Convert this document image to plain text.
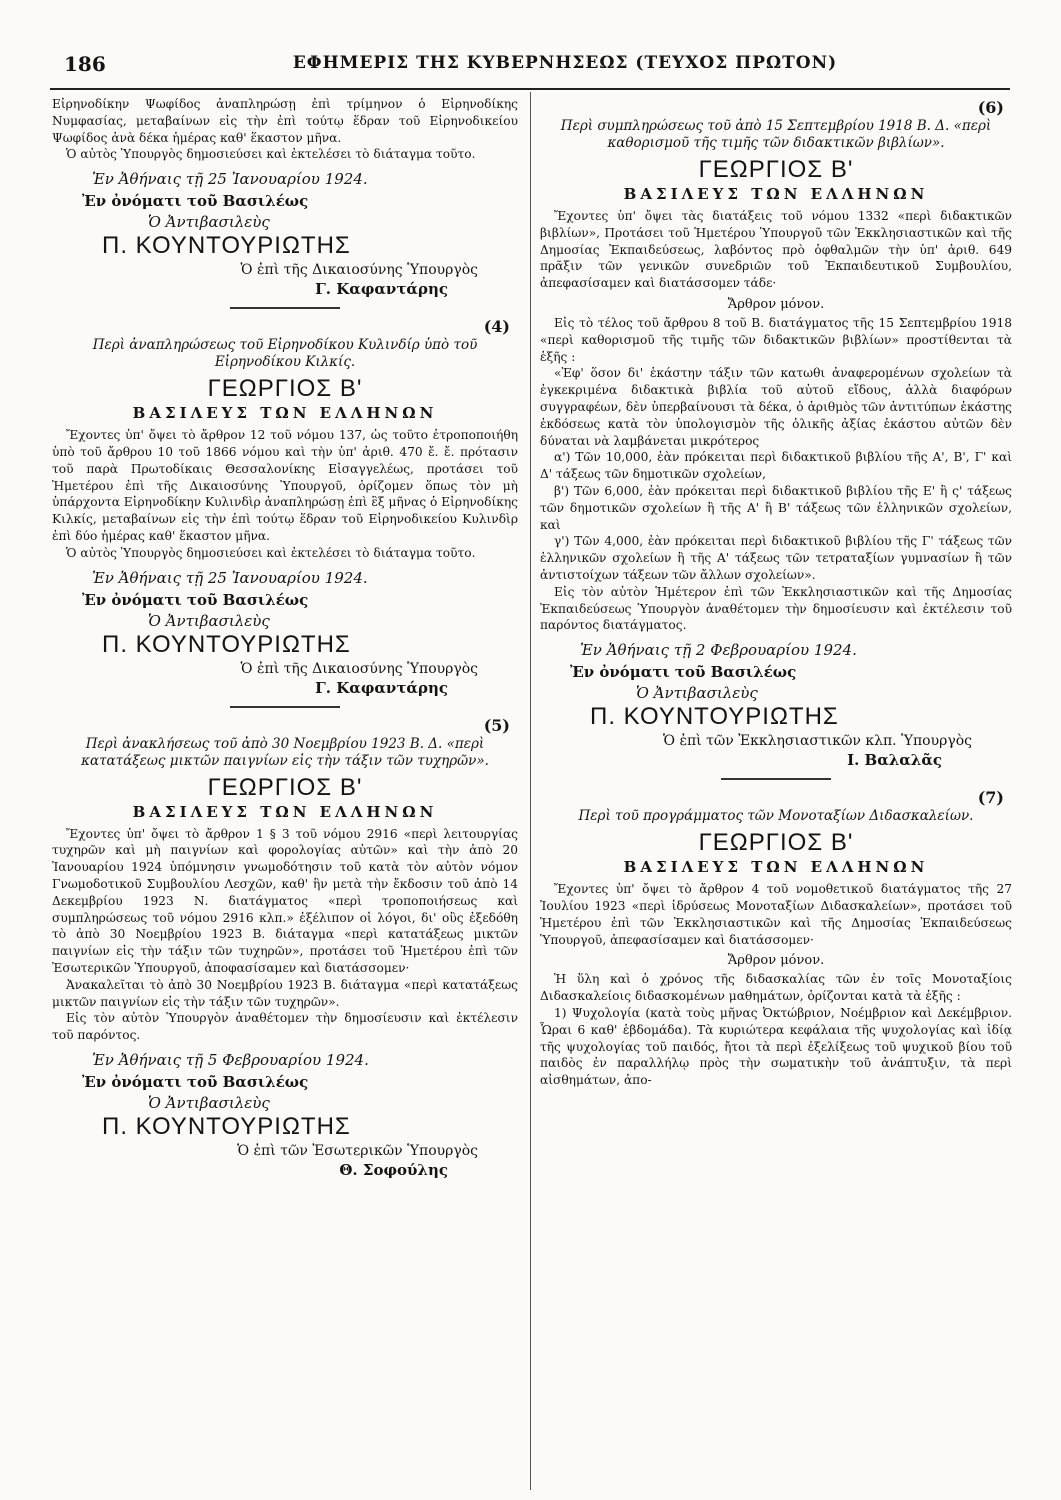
186	ΕΦΗΜΕΡΙΣ ΤΗΣ ΚΥΒΕΡΝΗΣΕΩΣ (ΤΕΥΧΟΣ ΠΡΩΤΟΝ)

Εἰρηνοδίκην Ψωφίδος ἀναπληρώσῃ ἐπὶ τρίμηνον ὁ Εἰρηνοδίκης Νυμφασίας, μεταβαίνων εἰς τὴν ἐπὶ τούτῳ ἕδραν τοῦ Εἰρηνοδικείου Ψωφίδος ἀνὰ δέκα ἡμέρας καθ' ἕκαστον μῆνα.

Ὁ αὐτὸς Ὑπουργὸς δημοσιεύσει καὶ ἐκτελέσει τὸ διάταγμα τοῦτο.

Ἐν Ἀθήναις τῇ 25 Ἰανουαρίου 1924.
Ἐν ὀνόματι τοῦ Βασιλέως
Ὁ Ἀντιβασιλεὺς
Π. ΚΟΥΝΤΟΥΡΙΩΤΗΣ
Ὁ ἐπὶ τῆς Δικαιοσύνης Ὑπουργὸς
Γ. Καφαντάρης
(4)
Περὶ ἀναπληρώσεως τοῦ Εἰρηνοδίκου Κυλινδίρ ὑπὸ τοῦ Εἰρηνοδίκου Κιλκίς.
ΓΕΩΡΓΙΟΣ Β'
ΒΑΣΙΛΕΥΣ ΤΩΝ ΕΛΛΗΝΩΝ

Ἔχοντες ὑπ' ὄψει τὸ ἄρθρον 12 τοῦ νόμου 137, ὡς τοῦτο ἐτροποποιήθη ὑπὸ τοῦ ἄρθρου 10 τοῦ 1866 νόμου καὶ τὴν ὑπ' ἀριθ. 470 ἔ. ἔ. πρότασιν τοῦ παρὰ Πρωτοδίκαις Θεσσαλονίκης Εἰσαγγελέως, προτάσει τοῦ Ἡμετέρου ἐπὶ τῆς Δικαιοσύνης Ὑπουργοῦ, ὁρίζομεν ὅπως τὸν μὴ ὑπάρχοντα Εἰρηνοδίκην Κυλινδὶρ ἀναπληρώσῃ ἐπὶ ἓξ μῆνας ὁ Εἰρηνοδίκης Κιλκίς, μεταβαίνων εἰς τὴν ἐπὶ τούτῳ ἕδραν τοῦ Εἰρηνοδικείου Κυλινδὶρ ἐπὶ δύο ἡμέρας καθ' ἕκαστον μῆνα.

Ὁ αὐτὸς Ὑπουργὸς δημοσιεύσει καὶ ἐκτελέσει τὸ διάταγμα τοῦτο.

Ἐν Ἀθήναις τῇ 25 Ἰανουαρίου 1924.
Ἐν ὀνόματι τοῦ Βασιλέως
Ὁ Ἀντιβασιλεὺς
Π. ΚΟΥΝΤΟΥΡΙΩΤΗΣ
Ὁ ἐπὶ τῆς Δικαιοσύνης Ὑπουργὸς
Γ. Καφαντάρης
(5)
Περὶ ἀνακλήσεως τοῦ ἀπὸ 30 Νοεμβρίου 1923 Β. Δ. «περὶ κατατάξεως μικτῶν παιγνίων εἰς τὴν τάξιν τῶν τυχηρῶν».
ΓΕΩΡΓΙΟΣ Β'
ΒΑΣΙΛΕΥΣ ΤΩΝ ΕΛΛΗΝΩΝ

Ἔχοντες ὑπ' ὄψει τὸ ἄρθρον 1 § 3 τοῦ νόμου 2916 «περὶ λειτουργίας τυχηρῶν καὶ μὴ παιγνίων καὶ φορολογίας αὐτῶν» καὶ τὴν ἀπὸ 20 Ἰανουαρίου 1924 ὑπόμνησιν γνωμοδότησιν τοῦ κατὰ τὸν αὐτὸν νόμον Γνωμοδοτικοῦ Συμβουλίου Λεσχῶν, καθ' ἣν μετὰ τὴν ἔκδοσιν τοῦ ἀπὸ 14 Δεκεμβρίου 1923 Ν. διατάγματος «περὶ τροποποιήσεως καὶ συμπληρώσεως τοῦ νόμου 2916 κλπ.» ἐξέλιπον οἱ λόγοι, δι' οὓς ἐξεδόθη τὸ ἀπὸ 30 Νοεμβρίου 1923 Β. διάταγμα «περὶ κατατάξεως μικτῶν παιγνίων εἰς τὴν τάξιν τῶν τυχηρῶν», προτάσει τοῦ Ἡμετέρου ἐπὶ τῶν Ἐσωτερικῶν Ὑπουργοῦ, ἀποφασίσαμεν καὶ διατάσσομεν·

Ἀνακαλεῖται τὸ ἀπὸ 30 Νοεμβρίου 1923 Β. διάταγμα «περὶ κατατάξεως μικτῶν παιγνίων εἰς τὴν τάξιν τῶν τυχηρῶν».

Εἰς τὸν αὐτὸν Ὑπουργὸν ἀναθέτομεν τὴν δημοσίευσιν καὶ ἐκτέλεσιν τοῦ παρόντος.

Ἐν Ἀθήναις τῇ 5 Φεβρουαρίου 1924.
Ἐν ὀνόματι τοῦ Βασιλέως
Ὁ Ἀντιβασιλεὺς
Π. ΚΟΥΝΤΟΥΡΙΩΤΗΣ
Ὁ ἐπὶ τῶν Ἐσωτερικῶν Ὑπουργὸς
Θ. Σοφούλης
(6)
Περὶ συμπληρώσεως τοῦ ἀπὸ 15 Σεπτεμβρίου 1918 Β. Δ. «περὶ καθορισμοῦ τῆς τιμῆς τῶν διδακτικῶν βιβλίων».
ΓΕΩΡΓΙΟΣ Β'
ΒΑΣΙΛΕΥΣ ΤΩΝ ΕΛΛΗΝΩΝ

Ἔχοντες ὑπ' ὄψει τὰς διατάξεις τοῦ νόμου 1332 «περὶ διδακτικῶν βιβλίων», Προτάσει τοῦ Ἡμετέρου Ὑπουργοῦ τῶν Ἐκκλησιαστικῶν καὶ τῆς Δημοσίας Ἐκπαιδεύσεως, λαβόντος πρὸ ὀφθαλμῶν τὴν ὑπ' ἀριθ. 649 πρᾶξιν τῶν γενικῶν συνεδριῶν τοῦ Ἐκπαιδευτικοῦ Συμβουλίου, ἀπεφασίσαμεν καὶ διατάσσομεν τάδε·

Ἄρθρον μόνον.

Εἰς τὸ τέλος τοῦ ἄρθρου 8 τοῦ Β. διατάγματος τῆς 15 Σεπτεμβρίου 1918 «περὶ καθορισμοῦ τῆς τιμῆς τῶν διδακτικῶν βιβλίων» προστίθενται τὰ ἑξῆς :

«Ἐφ' ὅσον δι' ἑκάστην τάξιν τῶν κατωθι ἀναφερομένων σχολείων τὰ ἐγκεκριμένα διδακτικὰ βιβλία τοῦ αὐτοῦ εἴδους, ἀλλὰ διαφόρων συγγραφέων, δὲν ὑπερβαίνουσι τὰ δέκα, ὁ ἀριθμὸς τῶν ἀντιτύπων ἑκάστης ἐκδόσεως κατὰ τὸν ὑπολογισμὸν τῆς ὁλικῆς ἀξίας ἑκάστου αὐτῶν δὲν δύναται νὰ λαμβάνεται μικρότερος

α') Τῶν 10,000, ἐὰν πρόκειται περὶ διδακτικοῦ βιβλίου τῆς Α', Β', Γ' καὶ Δ' τάξεως τῶν δημοτικῶν σχολείων,

β') Τῶν 6,000, ἐὰν πρόκειται περὶ διδακτικοῦ βιβλίου τῆς Ε' ἢ ς' τάξεως τῶν δημοτικῶν σχολείων ἢ τῆς Α' ἢ Β' τάξεως τῶν ἑλληνικῶν σχολείων, καὶ

γ') Τῶν 4,000, ἐὰν πρόκειται περὶ διδακτικοῦ βιβλίου τῆς Γ' τάξεως τῶν ἑλληνικῶν σχολείων ἢ τῆς Α' τάξεως τῶν τετραταξίων γυμνασίων ἢ τῶν ἀντιστοίχων τάξεων τῶν ἄλλων σχολείων».

Εἰς τὸν αὐτὸν Ἡμέτερον ἐπὶ τῶν Ἐκκλησιαστικῶν καὶ τῆς Δημοσίας Ἐκπαιδεύσεως Ὑπουργὸν ἀναθέτομεν τὴν δημοσίευσιν καὶ ἐκτέλεσιν τοῦ παρόντος διατάγματος.

Ἐν Ἀθήναις τῇ 2 Φεβρουαρίου 1924.
Ἐν ὀνόματι τοῦ Βασιλέως
Ὁ Ἀντιβασιλεὺς
Π. ΚΟΥΝΤΟΥΡΙΩΤΗΣ
Ὁ ἐπὶ τῶν Ἐκκλησιαστικῶν κλπ. Ὑπουργὸς
Ι. Βαλαλᾶς
(7)
Περὶ τοῦ προγράμματος τῶν Μονοταξίων Διδασκαλείων.
ΓΕΩΡΓΙΟΣ Β'
ΒΑΣΙΛΕΥΣ ΤΩΝ ΕΛΛΗΝΩΝ

Ἔχοντες ὑπ' ὄψει τὸ ἄρθρον 4 τοῦ νομοθετικοῦ διατάγματος τῆς 27 Ἰουλίου 1923 «περὶ ἱδρύσεως Μονοταξίων Διδασκαλείων», προτάσει τοῦ Ἡμετέρου ἐπὶ τῶν Ἐκκλησιαστικῶν καὶ τῆς Δημοσίας Ἐκπαιδεύσεως Ὑπουργοῦ, ἀπεφασίσαμεν καὶ διατάσσομεν·

Ἄρθρον μόνον.

Ἡ ὕλη καὶ ὁ χρόνος τῆς διδασκαλίας τῶν ἐν τοῖς Μονοταξίοις Διδασκαλείοις διδασκομένων μαθημάτων, ὁρίζονται κατὰ τὰ ἑξῆς :

1) Ψυχολογία (κατὰ τοὺς μῆνας Ὀκτώβριον, Νοέμβριον καὶ Δεκέμβριον. Ὧραι 6 καθ' ἑβδομάδα). Τὰ κυριώτερα κεφάλαια τῆς ψυχολογίας καὶ ἰδίᾳ τῆς ψυχολογίας τοῦ παιδός, ἤτοι τὰ περὶ ἐξελίξεως τοῦ ψυχικοῦ βίου τοῦ παιδὸς ἐν παραλλήλῳ πρὸς τὴν σωματικὴν τοῦ ἀνάπτυξιν, τὰ περὶ αἰσθημάτων, ἀπο-
